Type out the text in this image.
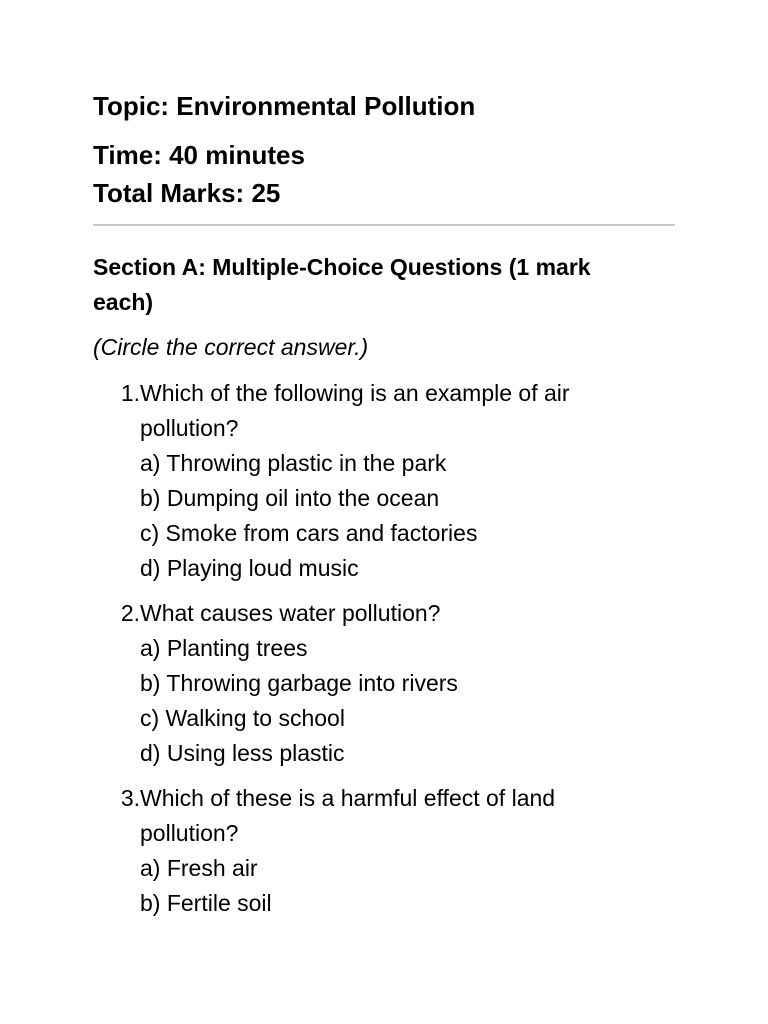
Topic: Environmental Pollution
Time: 40 minutes
Total Marks: 25
Section A: Multiple-Choice Questions (1 mark each)
(Circle the correct answer.)
1. Which of the following is an example of air pollution?
a) Throwing plastic in the park
b) Dumping oil into the ocean
c) Smoke from cars and factories
d) Playing loud music
2. What causes water pollution?
a) Planting trees
b) Throwing garbage into rivers
c) Walking to school
d) Using less plastic
3. Which of these is a harmful effect of land pollution?
a) Fresh air
b) Fertile soil
